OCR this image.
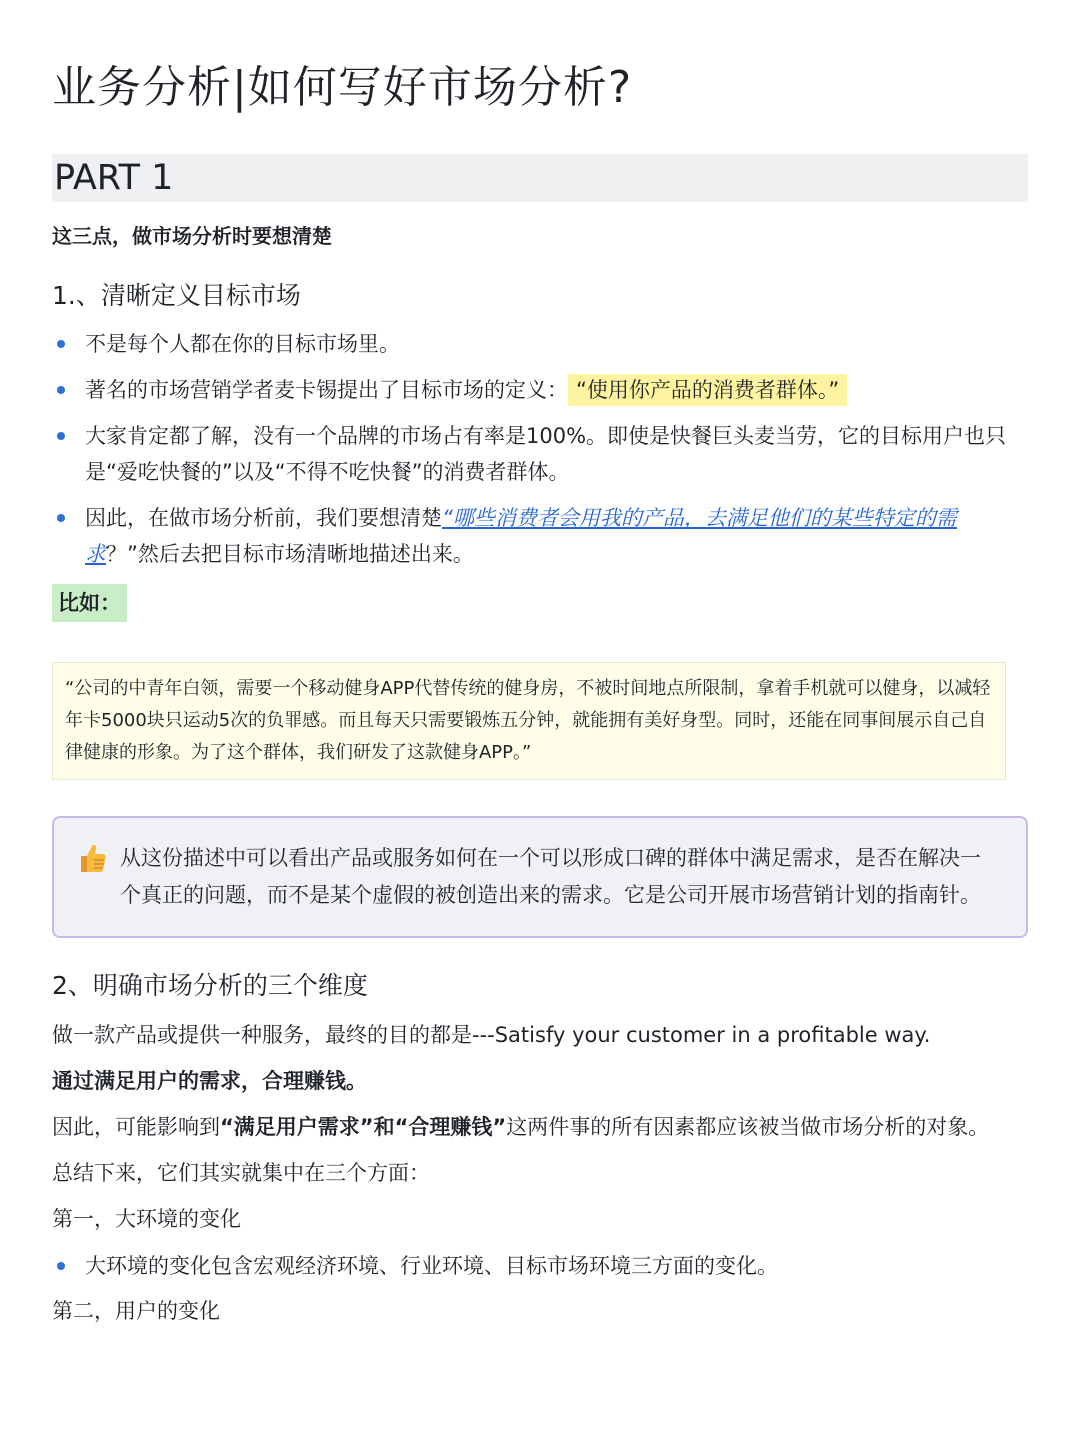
业务分析|如何写好市场分析?
PART 1
这三点，做市场分析时要想清楚
1.、清晰定义目标市场
不是每个人都在你的目标市场里。
著名的市场营销学者麦卡锡提出了目标市场的定义： “使用你产品的消费者群体。”
大家肯定都了解，没有一个品牌的市场占有率是100%。即使是快餐巨头麦当劳，它的目标用户也只是“爱吃快餐的”以及“不得不吃快餐”的消费者群体。
因此，在做市场分析前，我们要想清楚“哪些消费者会用我的产品，去满足他们的某些特定的需求？”然后去把目标市场清晰地描述出来。
比如：
“公司的中青年白领，需要一个移动健身APP代替传统的健身房，不被时间地点所限制，拿着手机就可以健身，以减轻年卡5000块只运动5次的负罪感。而且每天只需要锻炼五分钟，就能拥有美好身型。同时，还能在同事间展示自己自律健康的形象。为了这个群体，我们研发了这款健身APP。”
从这份描述中可以看出产品或服务如何在一个可以形成口碑的群体中满足需求，是否在解决一个真正的问题，而不是某个虚假的被创造出来的需求。它是公司开展市场营销计划的指南针。
2、明确市场分析的三个维度
做一款产品或提供一种服务，最终的目的都是---Satisfy your customer in a profitable way.
通过满足用户的需求，合理赚钱。
因此，可能影响到“满足用户需求”和“合理赚钱”这两件事的所有因素都应该被当做市场分析的对象。
总结下来，它们其实就集中在三个方面：
第一，大环境的变化
大环境的变化包含宏观经济环境、行业环境、目标市场环境三方面的变化。
第二，用户的变化
